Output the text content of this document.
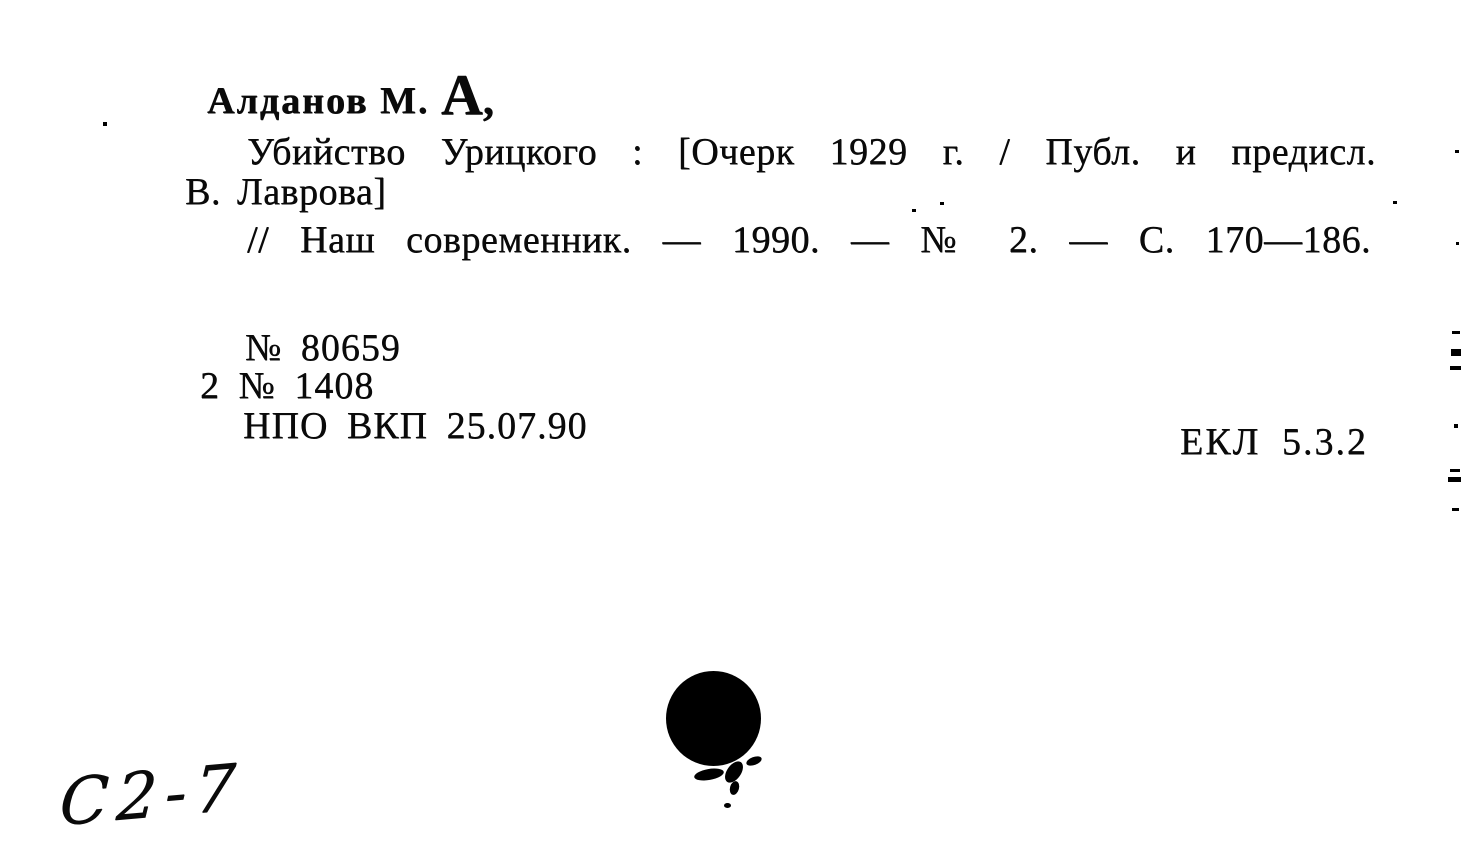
Алданов М. А,
Убийство Урицкого : [Очерк 1929 г. / Публ. и предисл.
В. Лаврова]
// Наш современник. — 1990. — № 2. — С. 170—186.
№ 80659
2 № 1408
НПО ВКП 25.07.90	ЕКЛ 5.3.2
С2-7
